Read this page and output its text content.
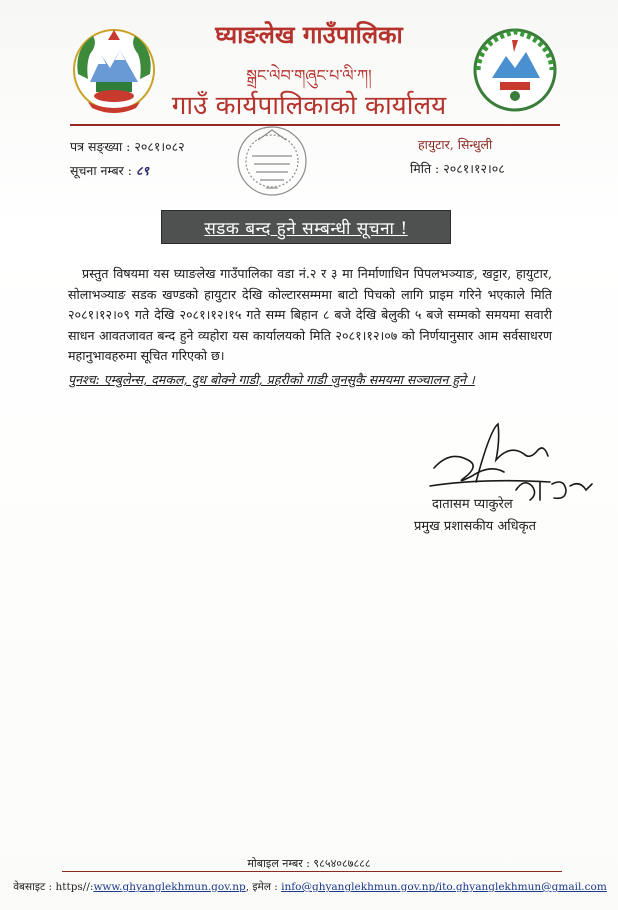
घ्याङलेख गाउँपालिका
སྒྲང་ལེབ་གཞུང་པ་ལི་ཀ།
गाउँ कार्यपालिकाको कार्यालय
पत्र सङ्ख्या : २०८१।०८२
सूचना नम्बर : ८९
हायुटार, सिन्धुली
मिति : २०८१।१२।०८
सडक बन्द हुने सम्बन्धी सूचना !
प्रस्तुत विषयमा यस घ्याङलेख गाउँपालिका वडा नं.२ र ३ मा निर्माणाधिन पिपलभञ्याङ, खट्टार, हायुटार, सोलाभञ्याङ सडक खण्डको हायुटार देखि कोल्टारसम्ममा बाटो पिचको लागि प्राइम गरिने भएकाले मिति २०८१।१२।०९ गते देखि २०८१।१२।१५ गते सम्म बिहान ८ बजे देखि बेलुकी ५ बजे सम्मको समयमा सवारी साधन आवतजावत बन्द हुने व्यहोरा यस कार्यालयको मिति २०८१।१२।०७ को निर्णयानुसार आम सर्वसाधरण महानुभावहरुमा सूचित गरिएको छ।
पुनश्च: एम्बुलेन्स, दमकल, दुध बोक्ने गाडी, प्रहरीको गाडी जुनसुकै समयमा सञ्चालन हुने ।
दातासम प्याकुरेल
प्रमुख प्रशासकीय अधिकृत
मोबाइल नम्बर : ९८५४०८७८८८
वेबसाइट : https//:www.ghyanglekhmun.gov.np, इमेल : info@ghyanglekhmun.gov.np/ito.ghyanglekhmun@gmail.com
